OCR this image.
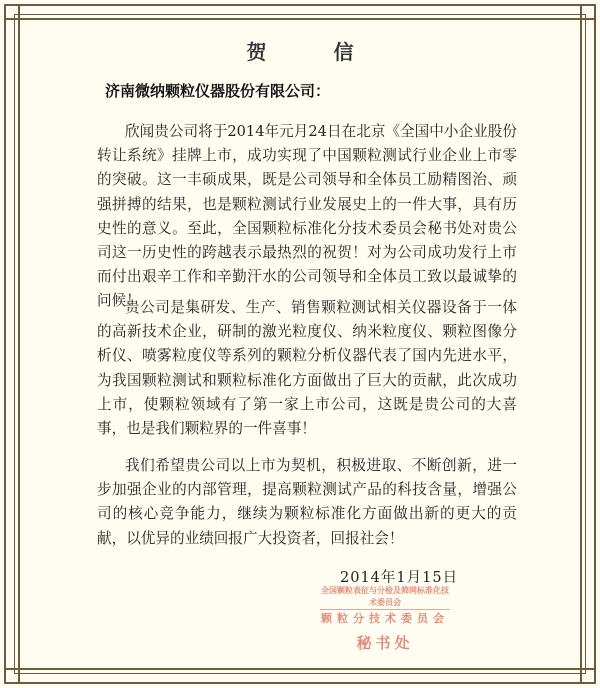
贺 信
济南微纳颗粒仪器股份有限公司：

欣闻贵公司将于2014年元月24日在北京《全国中小企业股份转让系统》挂牌上市，成功实现了中国颗粒测试行业企业上市零的突破。这一丰硕成果，既是公司领导和全体员工励精图治、顽强拼搏的结果，也是颗粒测试行业发展史上的一件大事，具有历史性的意义。至此，全国颗粒标准化分技术委员会秘书处对贵公司这一历史性的跨越表示最热烈的祝贺！对为公司成功发行上市而付出艰辛工作和辛勤汗水的公司领导和全体员工致以最诚挚的问候！

贵公司是集研发、生产、销售颗粒测试相关仪器设备于一体的高新技术企业，研制的激光粒度仪、纳米粒度仪、颗粒图像分析仪、喷雾粒度仪等系列的颗粒分析仪器代表了国内先进水平，为我国颗粒测试和颗粒标准化方面做出了巨大的贡献，此次成功上市，使颗粒领域有了第一家上市公司，这既是贵公司的大喜事，也是我们颗粒界的一件喜事！

我们希望贵公司以上市为契机，积极进取、不断创新，进一步加强企业的内部管理，提高颗粒测试产品的科技含量，增强公司的核心竞争能力，继续为颗粒标准化方面做出新的更大的贡献，以优异的业绩回报广大投资者，回报社会！

2014年1月15日
全国颗粒表征与分检及筛网标准化技术委员会
颗粒分技术委员会
秘书处
